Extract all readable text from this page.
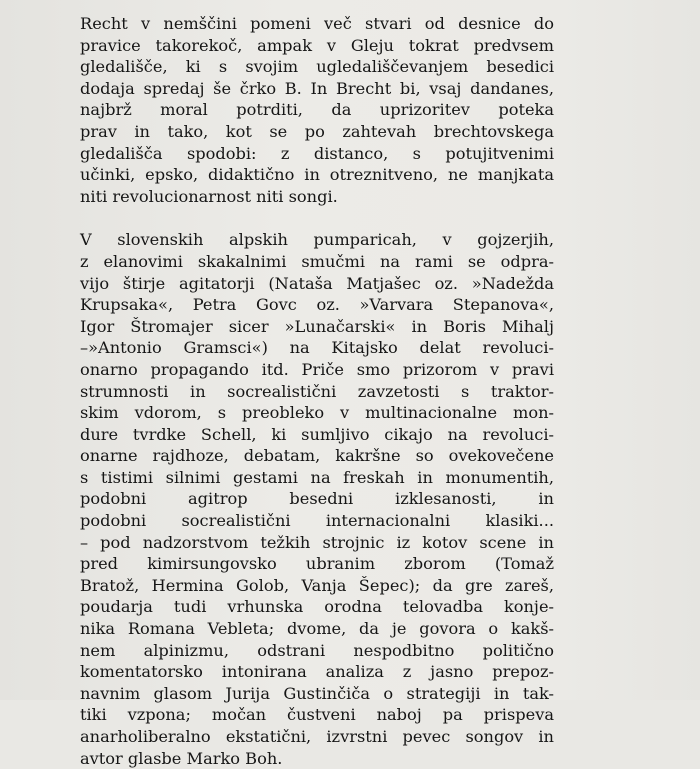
Recht v nemščini pomeni več stvari od desnice do
pravice takorekoč, ampak v Gleju tokrat predvsem
gledališče, ki s svojim ugledališčevanjem besedici
dodaja spredaj še črko B. In Brecht bi, vsaj dandanes,
najbrž moral potrditi, da uprizoritev poteka
prav in tako, kot se po zahtevah brechtovskega
gledališča spodobi: z distanco, s potujitvenimi
učinki, epsko, didaktično in otreznitveno, ne manjkata
niti revolucionarnost niti songi.
V slovenskih alpskih pumparicah, v gojzerjih,
z elanovimi skakalnimi smučmi na rami se odpra-
vijo štirje agitatorji (Nataša Matjašec oz. »Nadežda
Krupsaka«, Petra Govc oz. »Varvara Stepanova«,
Igor Štromajer sicer »Lunačarski« in Boris Mihalj
–»Antonio Gramsci«) na Kitajsko delat revoluci-
onarno propagando itd. Priče smo prizorom v pravi
strumnosti in socrealistični zavzetosti s traktor-
skim vdorom, s preobleko v multinacionalne mon-
dure tvrdke Schell, ki sumljivo cikajo na revoluci-
onarne rajdhoze, debatam, kakršne so ovekovečene
s tistimi silnimi gestami na freskah in monumentih,
podobni agitrop besedni izklesanosti, in
podobni socrealistični internacionalni klasiki...
– pod nadzorstvom težkih strojnic iz kotov scene in
pred kimirsungovsko ubranim zborom (Tomaž
Bratož, Hermina Golob, Vanja Šepec); da gre zareš,
poudarja tudi vrhunska orodna telovadba konje-
nika Romana Vebleta; dvome, da je govora o kakš-
nem alpinizmu, odstrani nespodbitno politično
komentatorsko intonirana analiza z jasno prepoz-
navnim glasom Jurija Gustinčiča o strategiji in tak-
tiki vzpona; močan čustveni naboj pa prispeva
anarholiberalno ekstatični, izvrstni pevec songov in
avtor glasbe Marko Boh.
